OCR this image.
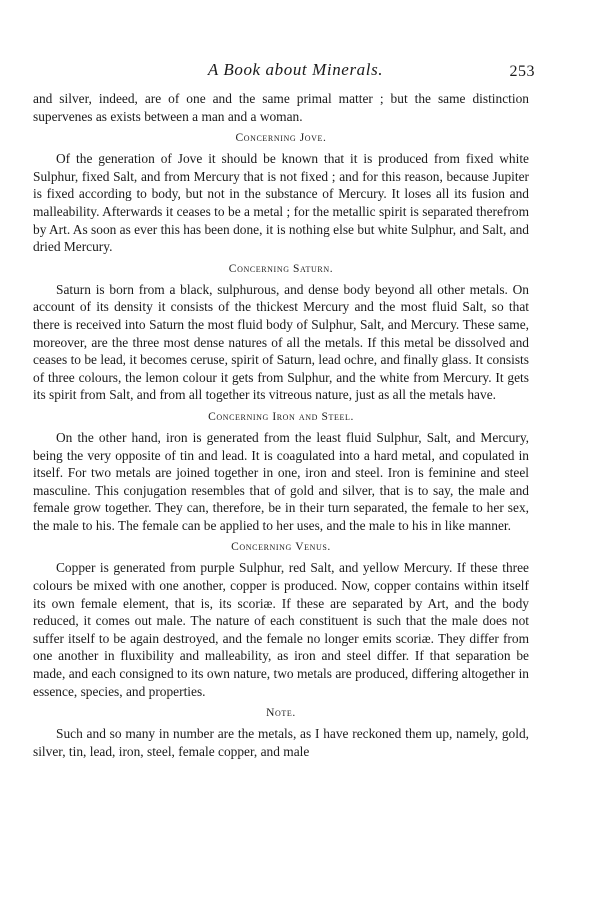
A Book about Minerals.	253

and silver, indeed, are of one and the same primal matter ; but the same distinction supervenes as exists between a man and a woman.

Concerning Jove.

Of the generation of Jove it should be known that it is produced from fixed white Sulphur, fixed Salt, and from Mercury that is not fixed ; and for this reason, because Jupiter is fixed according to body, but not in the substance of Mercury. It loses all its fusion and malleability. Afterwards it ceases to be a metal ; for the metallic spirit is separated therefrom by Art. As soon as ever this has been done, it is nothing else but white Sulphur, and Salt, and dried Mercury.

Concerning Saturn.

Saturn is born from a black, sulphurous, and dense body beyond all other metals. On account of its density it consists of the thickest Mercury and the most fluid Salt, so that there is received into Saturn the most fluid body of Sulphur, Salt, and Mercury. These same, moreover, are the three most dense natures of all the metals. If this metal be dissolved and ceases to be lead, it becomes ceruse, spirit of Saturn, lead ochre, and finally glass. It consists of three colours, the lemon colour it gets from Sulphur, and the white from Mercury. It gets its spirit from Salt, and from all together its vitreous nature, just as all the metals have.

Concerning Iron and Steel.

On the other hand, iron is generated from the least fluid Sulphur, Salt, and Mercury, being the very opposite of tin and lead. It is coagulated into a hard metal, and copulated in itself. For two metals are joined together in one, iron and steel. Iron is feminine and steel masculine. This conjugation resembles that of gold and silver, that is to say, the male and female grow together. They can, therefore, be in their turn separated, the female to her sex, the male to his. The female can be applied to her uses, and the male to his in like manner.

Concerning Venus.

Copper is generated from purple Sulphur, red Salt, and yellow Mercury. If these three colours be mixed with one another, copper is produced. Now, copper contains within itself its own female element, that is, its scoriæ. If these are separated by Art, and the body reduced, it comes out male. The nature of each constituent is such that the male does not suffer itself to be again destroyed, and the female no longer emits scoriæ. They differ from one another in fluxibility and malleability, as iron and steel differ. If that separation be made, and each consigned to its own nature, two metals are produced, differing altogether in essence, species, and properties.

Note.

Such and so many in number are the metals, as I have reckoned them up, namely, gold, silver, tin, lead, iron, steel, female copper, and male
